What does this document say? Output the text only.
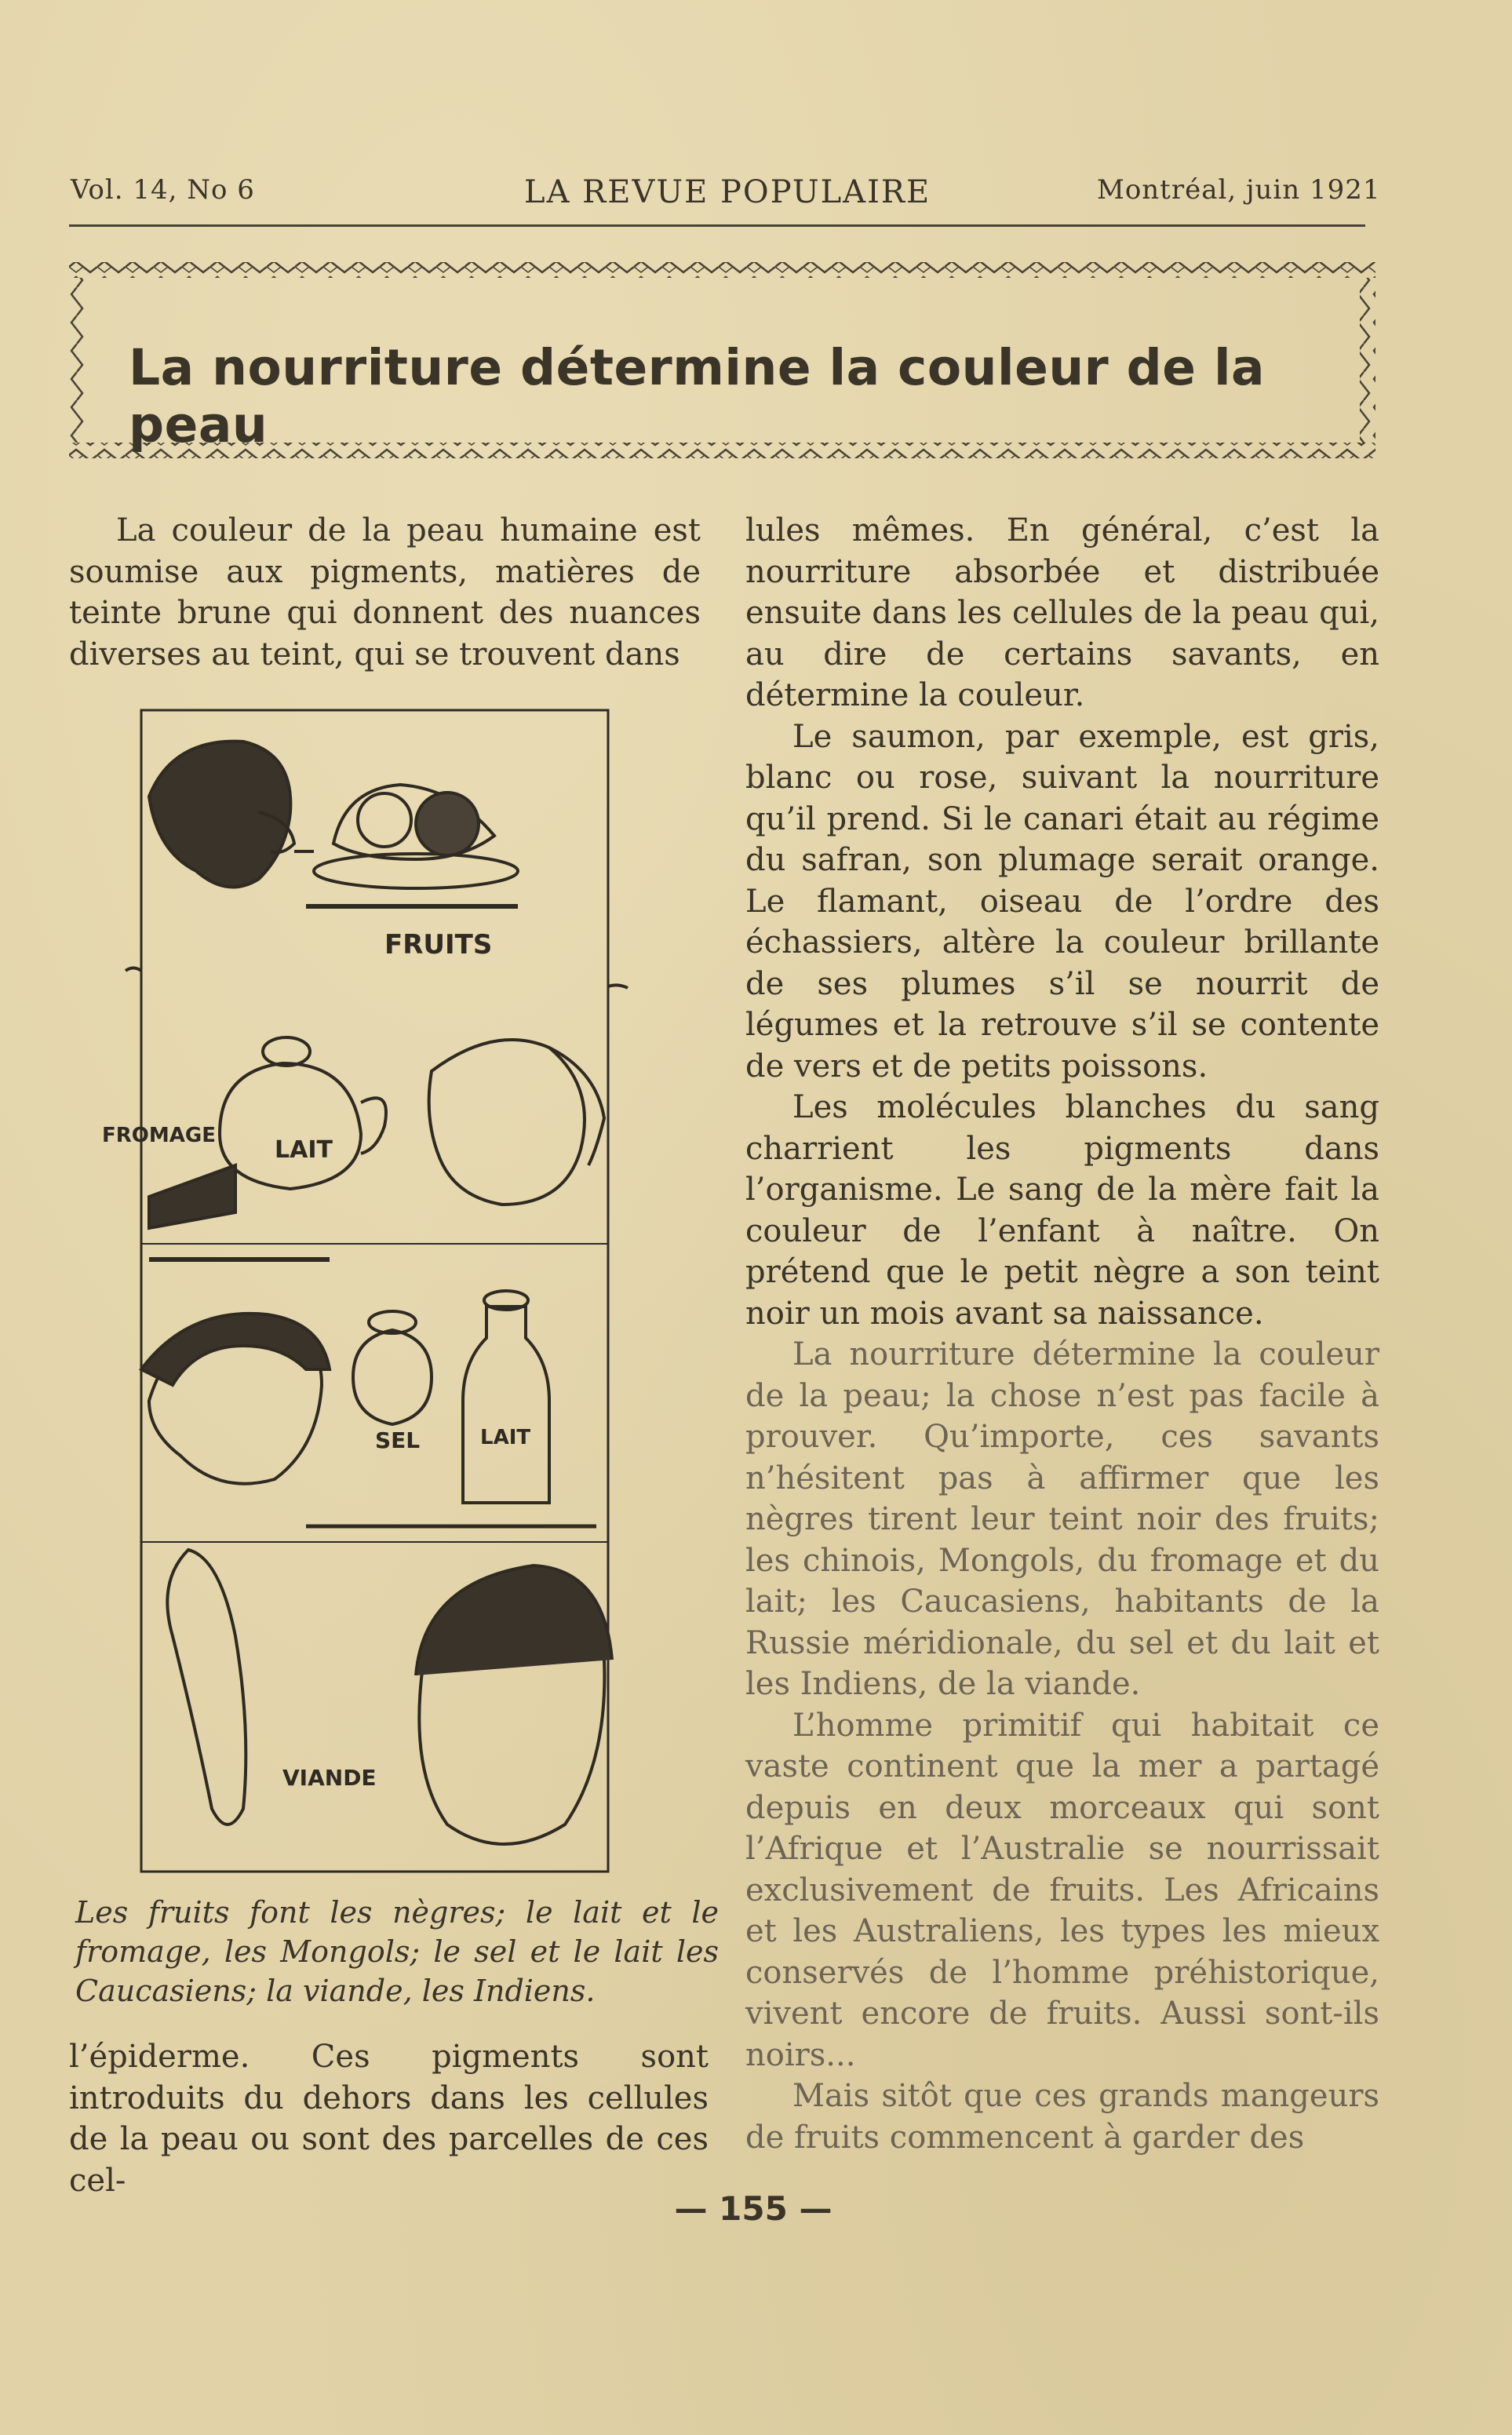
Vol. 14, No 6	LA REVUE POPULAIRE	Montréal, juin 1921
La nourriture détermine la couleur de la peau

La couleur de la peau humaine est soumise aux pigments, matières de teinte brune qui donnent des nuances diverses au teint, qui se trouvent dans

FRUITS
FROMAGE
LAIT
SEL	LAIT
VIANDE
Les fruits font les nègres; le lait et le fromage, les Mongols; le sel et le lait les Caucasiens; la viande, les Indiens.

l’épiderme. Ces pigments sont introduits du dehors dans les cellules de la peau ou sont des parcelles de ces cel-

lules mêmes. En général, c’est la nourriture absorbée et distribuée ensuite dans les cellules de la peau qui, au dire de certains savants, en détermine la couleur.

Le saumon, par exemple, est gris, blanc ou rose, suivant la nourriture qu’il prend. Si le canari était au régime du safran, son plumage serait orange. Le flamant, oiseau de l’ordre des échassiers, altère la couleur brillante de ses plumes s’il se nourrit de légumes et la retrouve s’il se contente de vers et de petits poissons.

Les molécules blanches du sang charrient les pigments dans l’organisme. Le sang de la mère fait la couleur de l’enfant à naître. On prétend que le petit nègre a son teint noir un mois avant sa naissance.

La nourriture détermine la couleur de la peau; la chose n’est pas facile à prouver. Qu’importe, ces savants n’hésitent pas à affirmer que les nègres tirent leur teint noir des fruits; les chinois, Mongols, du fromage et du lait; les Caucasiens, habitants de la Russie méridionale, du sel et du lait et les Indiens, de la viande.

L’homme primitif qui habitait ce vaste continent que la mer a partagé depuis en deux morceaux qui sont l’Afrique et l’Australie se nourrissait exclusivement de fruits. Les Africains et les Australiens, les types les mieux conservés de l’homme préhistorique, vivent encore de fruits. Aussi sont-ils noirs...

Mais sitôt que ces grands mangeurs de fruits commencent à garder des

— 155 —
